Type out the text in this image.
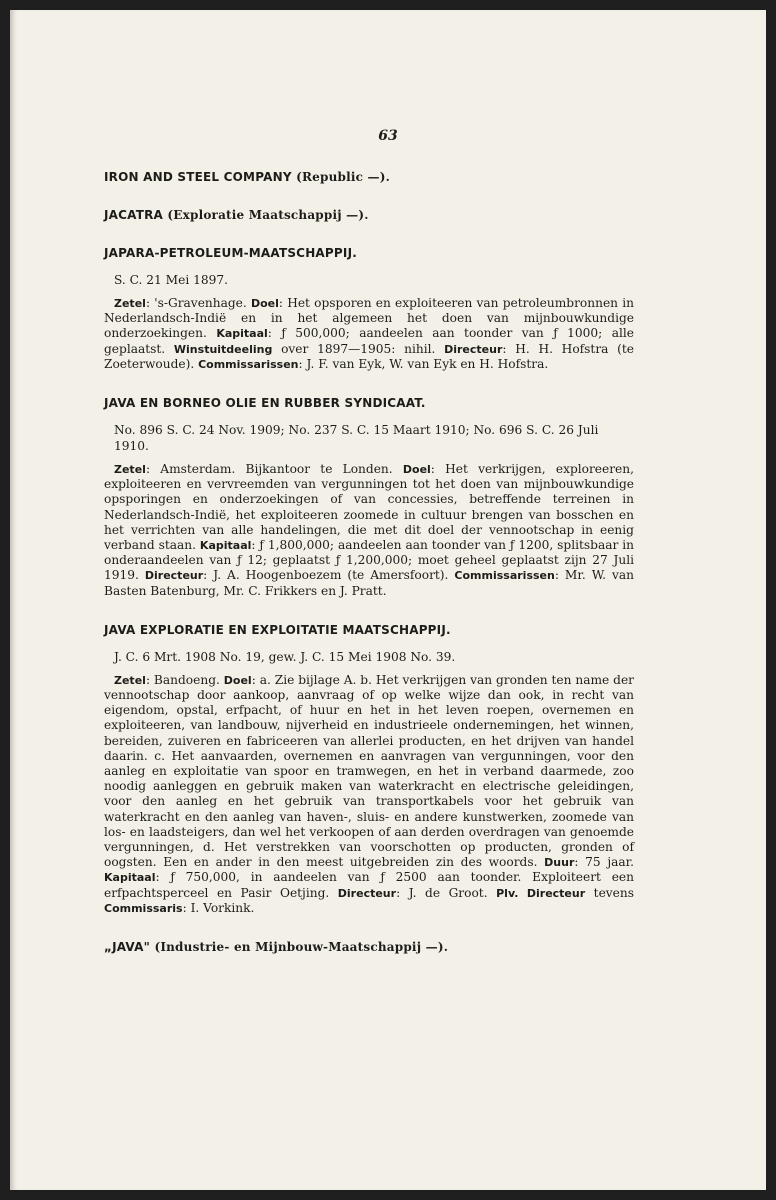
63

IRON AND STEEL COMPANY (Republic —).

JACATRA (Exploratie Maatschappij —).

JAPARA-PETROLEUM-MAATSCHAPPIJ.

S. C. 21 Mei 1897.

Zetel: 's-Gravenhage. Doel: Het opsporen en exploiteeren van petroleumbronnen in Nederlandsch-Indië en in het algemeen het doen van mijnbouwkundige onderzoekingen. Kapitaal: ƒ 500,000; aandeelen aan toonder van ƒ 1000; alle geplaatst. Winstuitdeeling over 1897—1905: nihil. Directeur: H. H. Hofstra (te Zoeterwoude). Commissarissen: J. F. van Eyk, W. van Eyk en H. Hofstra.

JAVA EN BORNEO OLIE EN RUBBER SYNDICAAT.

No. 896 S. C. 24 Nov. 1909; No. 237 S. C. 15 Maart 1910; No. 696 S. C. 26 Juli 1910.

Zetel: Amsterdam. Bijkantoor te Londen. Doel: Het verkrijgen, exploreeren, exploiteeren en vervreemden van vergunningen tot het doen van mijnbouwkundige opsporingen en onderzoekingen of van concessies, betreffende terreinen in Nederlandsch-Indië, het exploiteeren zoomede in cultuur brengen van bosschen en het verrichten van alle handelingen, die met dit doel der vennootschap in eenig verband staan. Kapitaal: ƒ 1,800,000; aandeelen aan toonder van ƒ 1200, splitsbaar in onderaandeelen van ƒ 12; geplaatst ƒ 1,200,000; moet geheel geplaatst zijn 27 Juli 1919. Directeur: J. A. Hoogenboezem (te Amersfoort). Commissarissen: Mr. W. van Basten Batenburg, Mr. C. Frikkers en J. Pratt.

JAVA EXPLORATIE EN EXPLOITATIE MAATSCHAPPIJ.

J. C. 6 Mrt. 1908 No. 19, gew. J. C. 15 Mei 1908 No. 39.

Zetel: Bandoeng. Doel: a. Zie bijlage A. b. Het verkrijgen van gronden ten name der vennootschap door aankoop, aanvraag of op welke wijze dan ook, in recht van eigendom, opstal, erfpacht, of huur en het in het leven roepen, overnemen en exploiteeren, van landbouw, nijverheid en industrieele ondernemingen, het winnen, bereiden, zuiveren en fabriceeren van allerlei producten, en het drijven van handel daarin. c. Het aanvaarden, overnemen en aanvragen van vergunningen, voor den aanleg en exploitatie van spoor en tramwegen, en het in verband daarmede, zoo noodig aanleggen en gebruik maken van waterkracht en electrische geleidingen, voor den aanleg en het gebruik van transportkabels voor het gebruik van waterkracht en den aanleg van haven-, sluis- en andere kunstwerken, zoomede van los- en laadsteigers, dan wel het verkoopen of aan derden overdragen van genoemde vergunningen, d. Het verstrekken van voorschotten op producten, gronden of oogsten. Een en ander in den meest uitgebreiden zin des woords. Duur: 75 jaar. Kapitaal: ƒ 750,000, in aandeelen van ƒ 2500 aan toonder. Exploiteert een erfpachtsperceel en Pasir Oetjing. Directeur: J. de Groot. Plv. Directeur tevens Commissaris: I. Vorkink.

„JAVA" (Industrie- en Mijnbouw-Maatschappij —).
